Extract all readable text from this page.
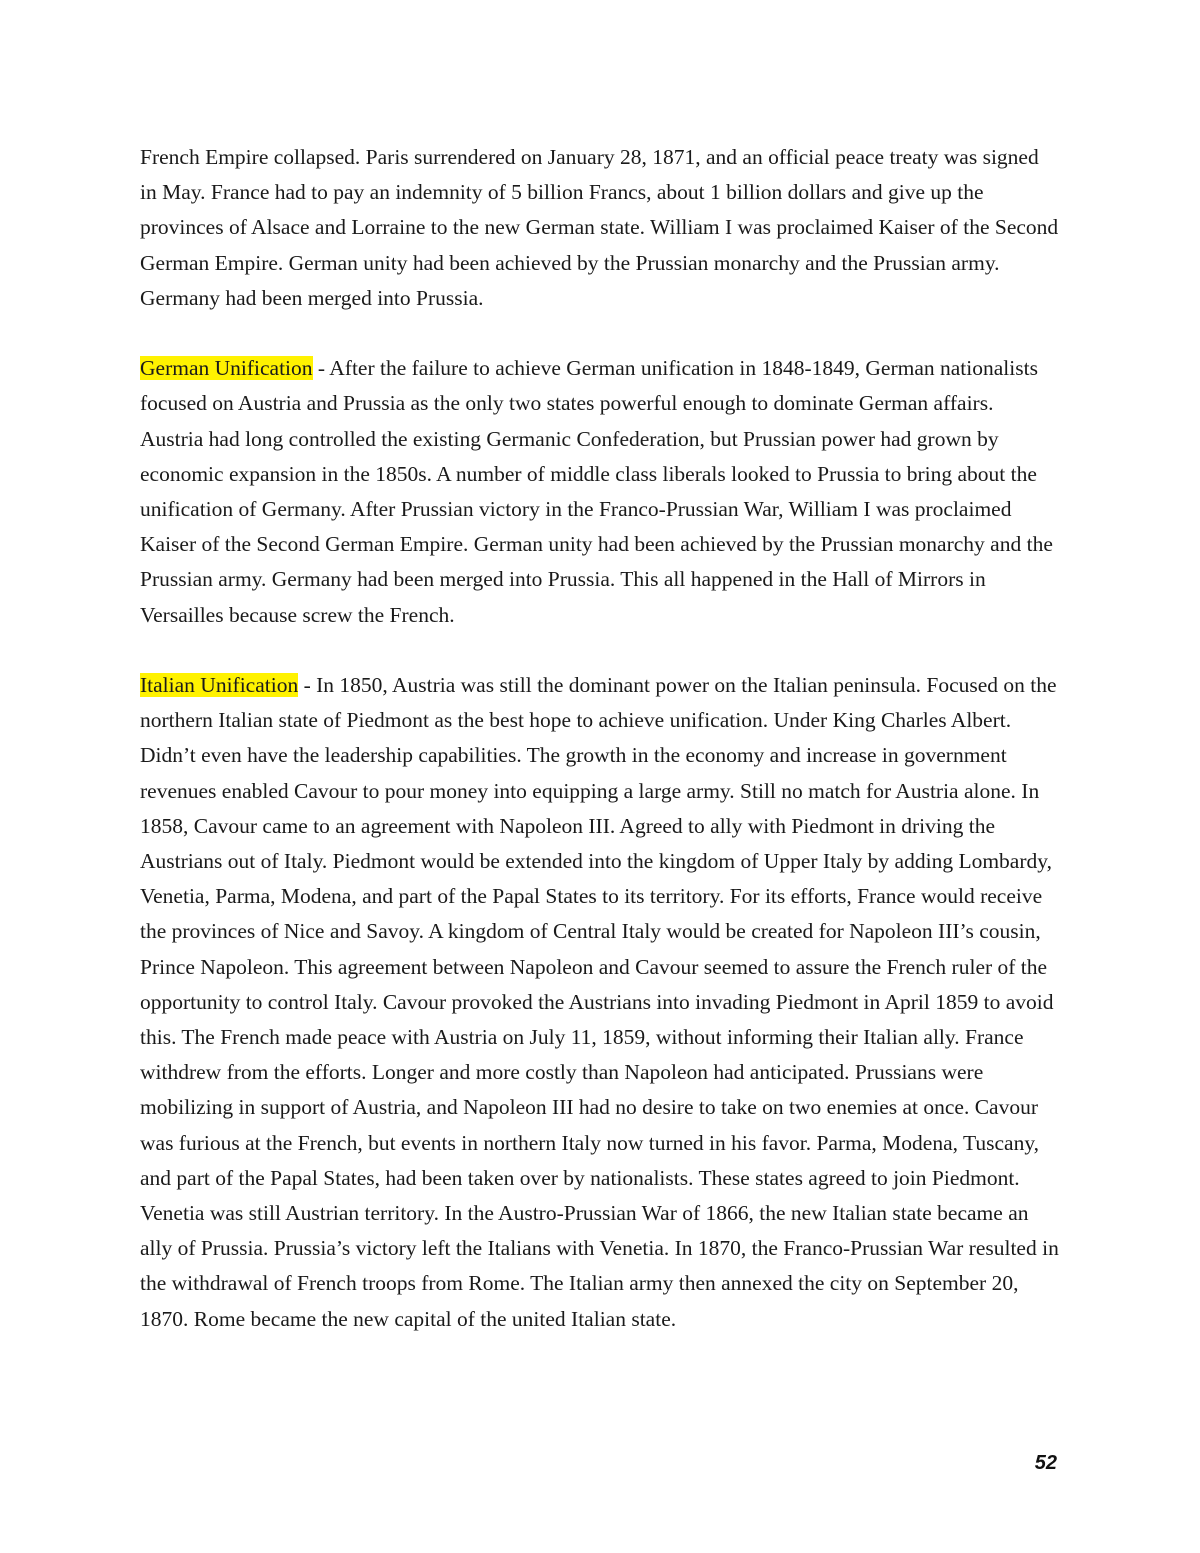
French Empire collapsed. Paris surrendered on January 28, 1871, and an official peace treaty was signed in May. France had to pay an indemnity of 5 billion Francs, about 1 billion dollars and give up the provinces of Alsace and Lorraine to the new German state. William I was proclaimed Kaiser of the Second German Empire. German unity had been achieved by the Prussian monarchy and the Prussian army. Germany had been merged into Prussia.

German Unification - After the failure to achieve German unification in 1848-1849, German nationalists focused on Austria and Prussia as the only two states powerful enough to dominate German affairs. Austria had long controlled the existing Germanic Confederation, but Prussian power had grown by economic expansion in the 1850s. A number of middle class liberals looked to Prussia to bring about the unification of Germany. After Prussian victory in the Franco-Prussian War, William I was proclaimed Kaiser of the Second German Empire. German unity had been achieved by the Prussian monarchy and the Prussian army. Germany had been merged into Prussia. This all happened in the Hall of Mirrors in Versailles because screw the French.

Italian Unification - In 1850, Austria was still the dominant power on the Italian peninsula. Focused on the northern Italian state of Piedmont as the best hope to achieve unification. Under King Charles Albert. Didn’t even have the leadership capabilities. The growth in the economy and increase in government revenues enabled Cavour to pour money into equipping a large army. Still no match for Austria alone. In 1858, Cavour came to an agreement with Napoleon III. Agreed to ally with Piedmont in driving the Austrians out of Italy. Piedmont would be extended into the kingdom of Upper Italy by adding Lombardy, Venetia, Parma, Modena, and part of the Papal States to its territory. For its efforts, France would receive the provinces of Nice and Savoy. A kingdom of Central Italy would be created for Napoleon III’s cousin, Prince Napoleon. This agreement between Napoleon and Cavour seemed to assure the French ruler of the opportunity to control Italy. Cavour provoked the Austrians into invading Piedmont in April 1859 to avoid this. The French made peace with Austria on July 11, 1859, without informing their Italian ally. France withdrew from the efforts. Longer and more costly than Napoleon had anticipated. Prussians were mobilizing in support of Austria, and Napoleon III had no desire to take on two enemies at once. Cavour was furious at the French, but events in northern Italy now turned in his favor. Parma, Modena, Tuscany, and part of the Papal States, had been taken over by nationalists. These states agreed to join Piedmont. Venetia was still Austrian territory. In the Austro-Prussian War of 1866, the new Italian state became an ally of Prussia. Prussia’s victory left the Italians with Venetia. In 1870, the Franco-Prussian War resulted in the withdrawal of French troops from Rome. The Italian army then annexed the city on September 20, 1870. Rome became the new capital of the united Italian state.

52
